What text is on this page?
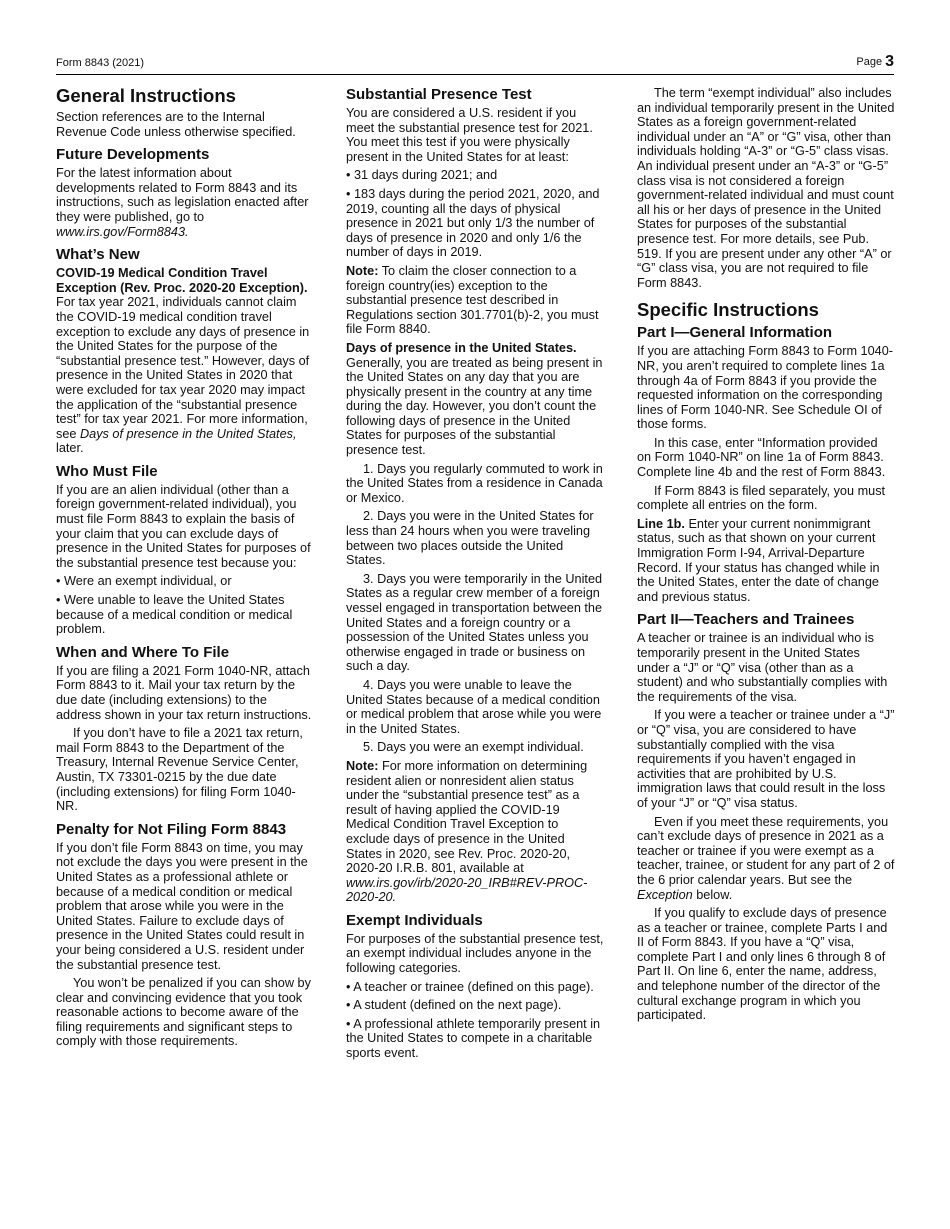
Form 8843 (2021)	Page 3
General Instructions

Section references are to the Internal Revenue Code unless otherwise specified.

Future Developments

For the latest information about developments related to Form 8843 and its instructions, such as legislation enacted after they were published, go to www.irs.gov/Form8843.

What’s New

COVID-19 Medical Condition Travel Exception (Rev. Proc. 2020-20 Exception). For tax year 2021, individuals cannot claim the COVID-19 medical condition travel exception to exclude any days of presence in the United States for the purpose of the “substantial presence test.” However, days of presence in the United States in 2020 that were excluded for tax year 2020 may impact the application of the “substantial presence test” for tax year 2021. For more information, see Days of presence in the United States, later.

Who Must File

If you are an alien individual (other than a foreign government-related individual), you must file Form 8843 to explain the basis of your claim that you can exclude days of presence in the United States for purposes of the substantial presence test because you:

• Were an exempt individual, or

• Were unable to leave the United States because of a medical condition or medical problem.

When and Where To File

If you are filing a 2021 Form 1040-NR, attach Form 8843 to it. Mail your tax return by the due date (including extensions) to the address shown in your tax return instructions.

If you don’t have to file a 2021 tax return, mail Form 8843 to the Department of the Treasury, Internal Revenue Service Center, Austin, TX 73301-0215 by the due date (including extensions) for filing Form 1040-NR.

Penalty for Not Filing Form 8843

If you don’t file Form 8843 on time, you may not exclude the days you were present in the United States as a professional athlete or because of a medical condition or medical problem that arose while you were in the United States. Failure to exclude days of presence in the United States could result in your being considered a U.S. resident under the substantial presence test.

You won’t be penalized if you can show by clear and convincing evidence that you took reasonable actions to become aware of the filing requirements and significant steps to comply with those requirements.

Substantial Presence Test

You are considered a U.S. resident if you meet the substantial presence test for 2021. You meet this test if you were physically present in the United States for at least:

• 31 days during 2021; and

• 183 days during the period 2021, 2020, and 2019, counting all the days of physical presence in 2021 but only 1/3 the number of days of presence in 2020 and only 1/6 the number of days in 2019.

Note: To claim the closer connection to a foreign country(ies) exception to the substantial presence test described in Regulations section 301.7701(b)-2, you must file Form 8840.

Days of presence in the United States. Generally, you are treated as being present in the United States on any day that you are physically present in the country at any time during the day. However, you don’t count the following days of presence in the United States for purposes of the substantial presence test.

1. Days you regularly commuted to work in the United States from a residence in Canada or Mexico.

2. Days you were in the United States for less than 24 hours when you were traveling between two places outside the United States.

3. Days you were temporarily in the United States as a regular crew member of a foreign vessel engaged in transportation between the United States and a foreign country or a possession of the United States unless you otherwise engaged in trade or business on such a day.

4. Days you were unable to leave the United States because of a medical condition or medical problem that arose while you were in the United States.

5. Days you were an exempt individual.

Note: For more information on determining resident alien or nonresident alien status under the “substantial presence test” as a result of having applied the COVID-19 Medical Condition Travel Exception to exclude days of presence in the United States in 2020, see Rev. Proc. 2020-20, 2020-20 I.R.B. 801, available at www.irs.gov/irb/2020-20_IRB#REV-PROC-2020-20.

Exempt Individuals

For purposes of the substantial presence test, an exempt individual includes anyone in the following categories.

• A teacher or trainee (defined on this page).

• A student (defined on the next page).

• A professional athlete temporarily present in the United States to compete in a charitable sports event.

The term “exempt individual” also includes an individual temporarily present in the United States as a foreign government-related individual under an “A” or “G” visa, other than individuals holding “A-3” or “G-5” class visas. An individual present under an “A-3” or “G-5” class visa is not considered a foreign government-related individual and must count all his or her days of presence in the United States for purposes of the substantial presence test. For more details, see Pub. 519. If you are present under any other “A” or “G” class visa, you are not required to file Form 8843.

Specific Instructions
Part I—General Information

If you are attaching Form 8843 to Form 1040-NR, you aren’t required to complete lines 1a through 4a of Form 8843 if you provide the requested information on the corresponding lines of Form 1040-NR. See Schedule OI of those forms.

In this case, enter “Information provided on Form 1040-NR” on line 1a of Form 8843. Complete line 4b and the rest of Form 8843.

If Form 8843 is filed separately, you must complete all entries on the form.

Line 1b. Enter your current nonimmigrant status, such as that shown on your current Immigration Form I-94, Arrival-Departure Record. If your status has changed while in the United States, enter the date of change and previous status.

Part II—Teachers and Trainees

A teacher or trainee is an individual who is temporarily present in the United States under a “J” or “Q” visa (other than as a student) and who substantially complies with the requirements of the visa.

If you were a teacher or trainee under a “J” or “Q” visa, you are considered to have substantially complied with the visa requirements if you haven’t engaged in activities that are prohibited by U.S. immigration laws that could result in the loss of your “J” or “Q” visa status.

Even if you meet these requirements, you can’t exclude days of presence in 2021 as a teacher or trainee if you were exempt as a teacher, trainee, or student for any part of 2 of the 6 prior calendar years. But see the Exception below.

If you qualify to exclude days of presence as a teacher or trainee, complete Parts I and II of Form 8843. If you have a “Q” visa, complete Part I and only lines 6 through 8 of Part II. On line 6, enter the name, address, and telephone number of the director of the cultural exchange program in which you participated.
